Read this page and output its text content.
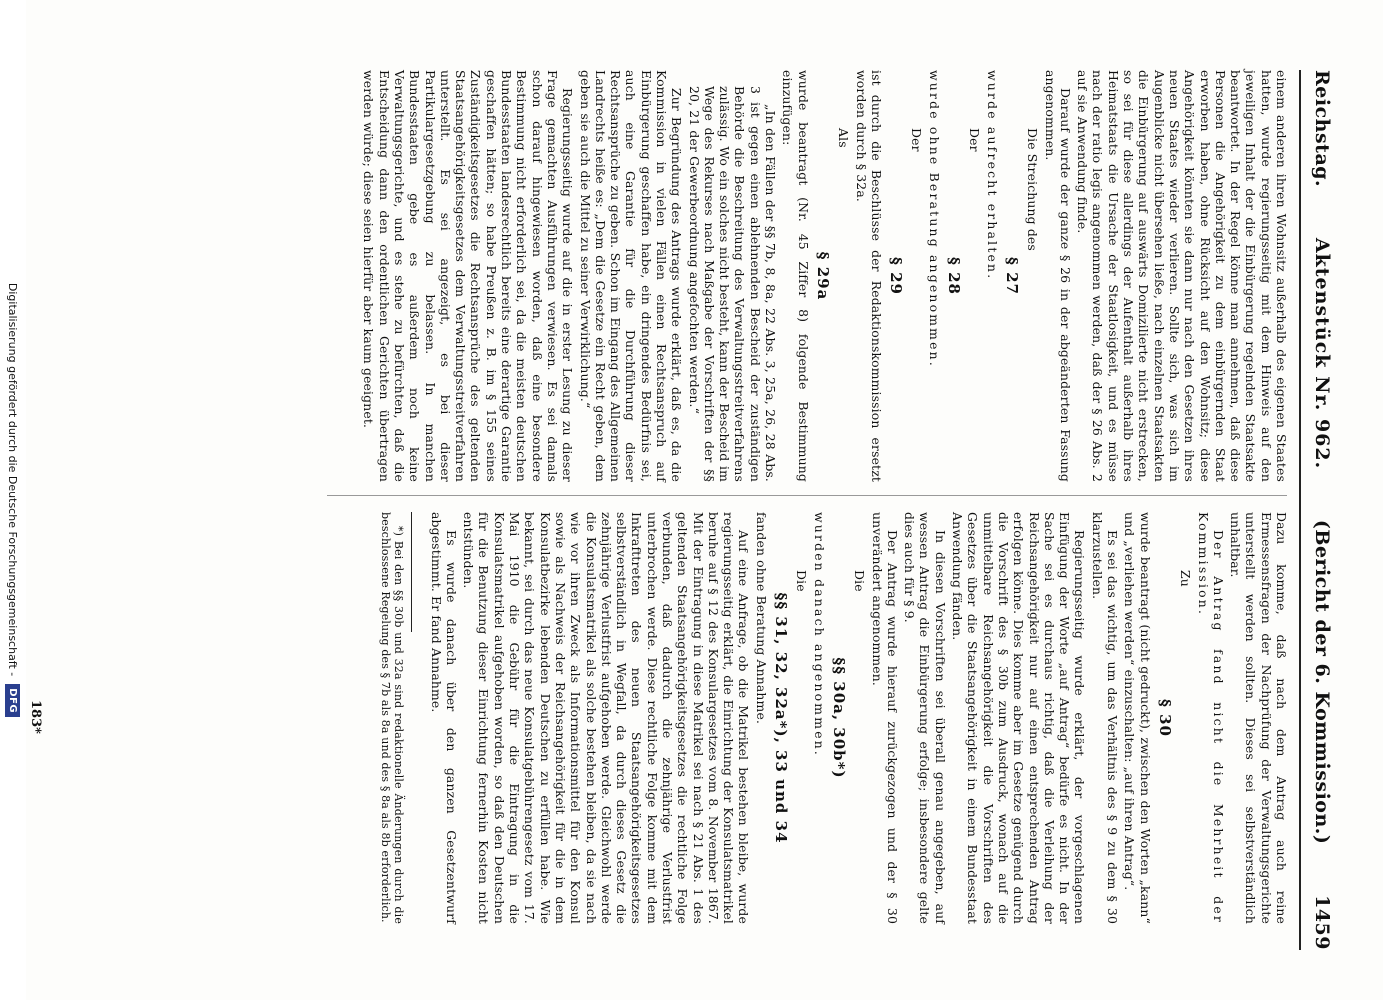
Reichstag.
Aktenstück Nr. 962.
(Bericht der 6. Kommission.)
1459

einem anderen ihren Wohnsitz außerhalb des eigenen Staates hatten, wurde regierungsseitig mit dem Hinweis auf den jeweiligen Inhalt der die Einbürgerung regelnden Staatsakte beantwortet. In der Regel könne man annehmen, daß diese Personen die Angehörigkeit zu dem einbürgernden Staat erworben haben, ohne Rücksicht auf den Wohnsitz; diese Angehörigkeit könnten sie dann nur nach den Gesetzen ihres neuen Staates wieder verlieren. Sollte sich, was sich im Augenblicke nicht übersehen ließe, nach einzelnen Staatsakten die Einbürgerung auf auswärts Domizilierte nicht erstrecken, so sei für diese allerdings der Aufenthalt außerhalb ihres Heimatstaats die Ursache der Staatlosigkeit, und es müsse nach der ratio legis angenommen werden, daß der § 26 Abs. 2 auf sie Anwendung finde.

Darauf wurde der ganze § 26 in der abgeänderten Fassung angenommen.

Die Streichung des

§ 27

wurde aufrecht erhalten.

Der

§ 28

wurde ohne Beratung angenommen.

Der

§ 29

ist durch die Beschlüsse der Redaktionskommission ersetzt worden durch § 32a.

Als

§ 29a

wurde beantragt (Nr. 45 Ziffer 8) folgende Bestimmung einzufügen:

„In den Fällen der §§ 7b, 8, 8a, 22 Abs. 3, 25a, 26, 28 Abs. 3 ist gegen einen ablehnenden Bescheid der zuständigen Behörde die Beschreitung des Verwaltungsstreitverfahrens zulässig. Wo ein solches nicht besteht, kann der Bescheid im Wege des Rekurses nach Maßgabe der Vorschriften der §§ 20, 21 der Gewerbeordnung angefochten werden.“

Zur Begründung des Antrags wurde erklärt, daß es, da die Kommission in vielen Fällen einen Rechtsanspruch auf Einbürgerung geschaffen habe, ein dringendes Bedürfnis sei, auch eine Garantie für die Durchführung dieser Rechtsansprüche zu geben. Schon im Eingang des Allgemeinen Landrechts heiße es: „Dem die Gesetze ein Recht geben, dem geben sie auch die Mittel zu seiner Verwirklichung.“

Regierungsseitig wurde auf die in erster Lesung zu dieser Frage gemachten Ausführungen verwiesen. Es sei damals schon darauf hingewiesen worden, daß eine besondere Bestimmung nicht erforderlich sei, da die meisten deutschen Bundesstaaten landesrechtlich bereits eine derartige Garantie geschaffen hätten; so habe Preußen z. B. im § 155 seines Zuständigkeitsgesetzes die Rechtsansprüche des geltenden Staatsangehörigkeitsgesetzes dem Verwaltungsstreitverfahren unterstellt. Es sei angezeigt, es bei dieser Partikulargesetzgebung zu belassen. In manchen Bundesstaaten gebe es außerdem noch keine Verwaltungsgerichte, und es stehe zu befürchten, daß die Entscheidung dann den ordentlichen Gerichten übertragen werden würde; diese seien hierfür aber kaum geeignet.

Dazu komme, daß nach dem Antrag auch reine Ermessensfragen der Nachprüfung der Verwaltungsgerichte unterstellt werden sollten. Dieses sei selbstverständlich unhaltbar.

Der Antrag fand nicht die Mehrheit der Kommission.

Zu

§ 30

wurde beantragt (nicht gedruckt), zwischen den Worten „kann“ und „verliehen werden“ einzuschalten: „auf ihren Antrag“.

Es sei das wichtig, um das Verhältnis des § 9 zu dem § 30 klarzustellen.

Regierungsseitig wurde erklärt, der vorgeschlagenen Einfügung der Worte „auf Antrag“ bedürfe es nicht. In der Sache sei es durchaus richtig, daß die Verleihung der Reichsangehörigkeit nur auf einen entsprechenden Antrag erfolgen könne. Dies komme aber im Gesetze genügend durch die Vorschrift des § 30b zum Ausdruck, wonach auf die unmittelbare Reichsangehörigkeit die Vorschriften des Gesetzes über die Staatsangehörigkeit in einem Bundesstaat Anwendung fänden.

In diesen Vorschriften sei überall genau angegeben, auf wessen Antrag die Einbürgerung erfolge; insbesondere gelte dies auch für § 9.

Der Antrag wurde hierauf zurückgezogen und der § 30 unverändert angenommen.

Die

§§ 30a, 30b*)

wurden danach angenommen.

Die

§§ 31, 32, 32a*), 33 und 34

fanden ohne Beratung Annahme.

Auf eine Anfrage, ob die Matrikel bestehen bleibe, wurde regierungsseitig erklärt, die Einrichtung der Konsulatsmatrikel beruhe auf § 12 des Konsulargesetzes vom 8. November 1867. Mit der Eintragung in diese Matrikel sei nach § 21 Abs. 1 des geltenden Staatsangehörigkeitsgesetzes die rechtliche Folge verbunden, daß dadurch die zehnjährige Verlustfrist unterbrochen werde. Diese rechtliche Folge komme mit dem Inkrafttreten des neuen Staatsangehörigkeitsgesetzes selbstverständlich in Wegfall, da durch dieses Gesetz die zehnjährige Verlustfrist aufgehoben werde. Gleichwohl werde die Konsulatsmatrikel als solche bestehen bleiben, da sie nach wie vor ihren Zweck als Informationsmittel für den Konsul sowie als Nachweis der Reichsangehörigkeit für die in dem Konsulatbezirke lebenden Deutschen zu erfüllen habe. Wie bekannt, sei durch das neue Konsulatgebührengesetz vom 17. Mai 1910 die Gebühr für die Eintragung in die Konsulatsmatrikel aufgehoben worden, so daß den Deutschen für die Benutzung dieser Einrichtung fernerhin Kosten nicht entstünden.

Es wurde danach über den ganzen Gesetzentwurf abgestimmt. Er fand Annahme.

*) Bei den §§ 30b und 32a sind redaktionelle Änderungen durch die beschlossene Regelung des § 7b als 8a und des § 8a als 8b erforderlich.

183*
Digitalisierung gefördert durch die Deutsche Forschungsgemeinschaft -
DFG
